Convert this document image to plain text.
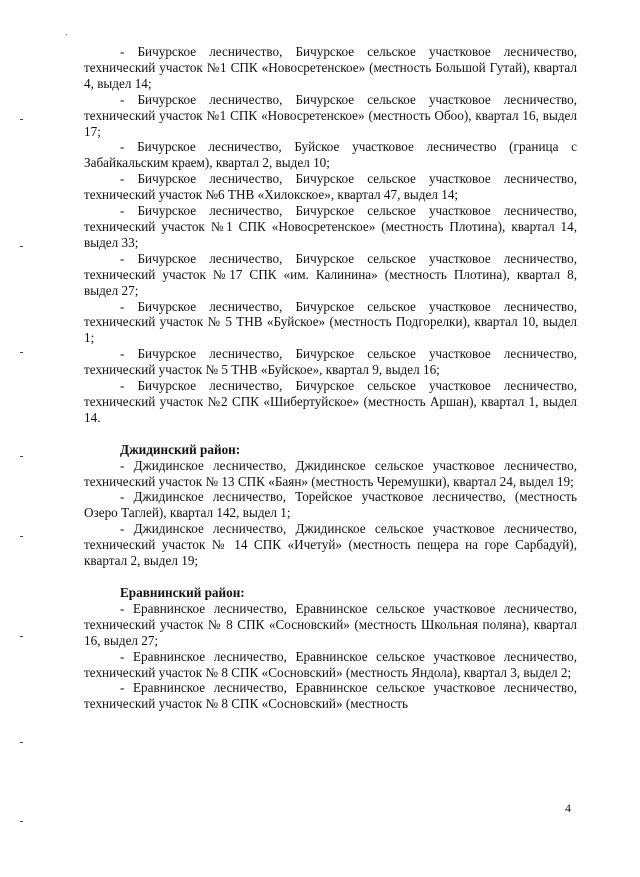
- Бичурское лесничество, Бичурское сельское участковое лесничество, технический участок №1 СПК «Новосретенское» (местность Большой Гутай), квартал 4, выдел 14;

- Бичурское лесничество, Бичурское сельское участковое лесничество, технический участок №1 СПК «Новосретенское» (местность Обоо), квартал 16, выдел 17;

- Бичурское лесничество, Буйское участковое лесничество (граница с Забайкальским краем), квартал 2, выдел 10;

- Бичурское лесничество, Бичурское сельское участковое лесничество, технический участок №6 ТНВ «Хилокское», квартал 47, выдел 14;

- Бичурское лесничество, Бичурское сельское участковое лесничество, технический участок №1 СПК «Новосретенское» (местность Плотина), квартал 14, выдел 33;

- Бичурское лесничество, Бичурское сельское участковое лесничество, технический участок №17 СПК «им. Калинина» (местность Плотина), квартал 8, выдел 27;

- Бичурское лесничество, Бичурское сельское участковое лесничество, технический участок № 5 ТНВ «Буйское» (местность Подгорелки), квартал 10, выдел 1;

- Бичурское лесничество, Бичурское сельское участковое лесничество, технический участок № 5 ТНВ «Буйское», квартал 9, выдел 16;

- Бичурское лесничество, Бичурское сельское участковое лесничество, технический участок №2 СПК «Шибертуйское» (местность Аршан), квартал 1, выдел 14.

Джидинский район:

- Джидинское лесничество, Джидинское сельское участковое лесничество, технический участок № 13 СПК «Баян» (местность Черемушки), квартал 24, выдел 19;

- Джидинское лесничество, Торейское участковое лесничество, (местность Озеро Таглей), квартал 142, выдел 1;

- Джидинское лесничество, Джидинское сельское участковое лесничество, технический участок № 14 СПК «Ичетуй» (местность пещера на горе Сарбадуй), квартал 2, выдел 19;

Еравнинский район:

- Еравнинское лесничество, Еравнинское сельское участковое лесничество, технический участок № 8 СПК «Сосновский» (местность Школьная поляна), квартал 16, выдел 27;

- Еравнинское лесничество, Еравнинское сельское участковое лесничество, технический участок № 8 СПК «Сосновский» (местность Яндола), квартал 3, выдел 2;

- Еравнинское лесничество, Еравнинское сельское участковое лесничество, технический участок № 8 СПК «Сосновский» (местность

4
